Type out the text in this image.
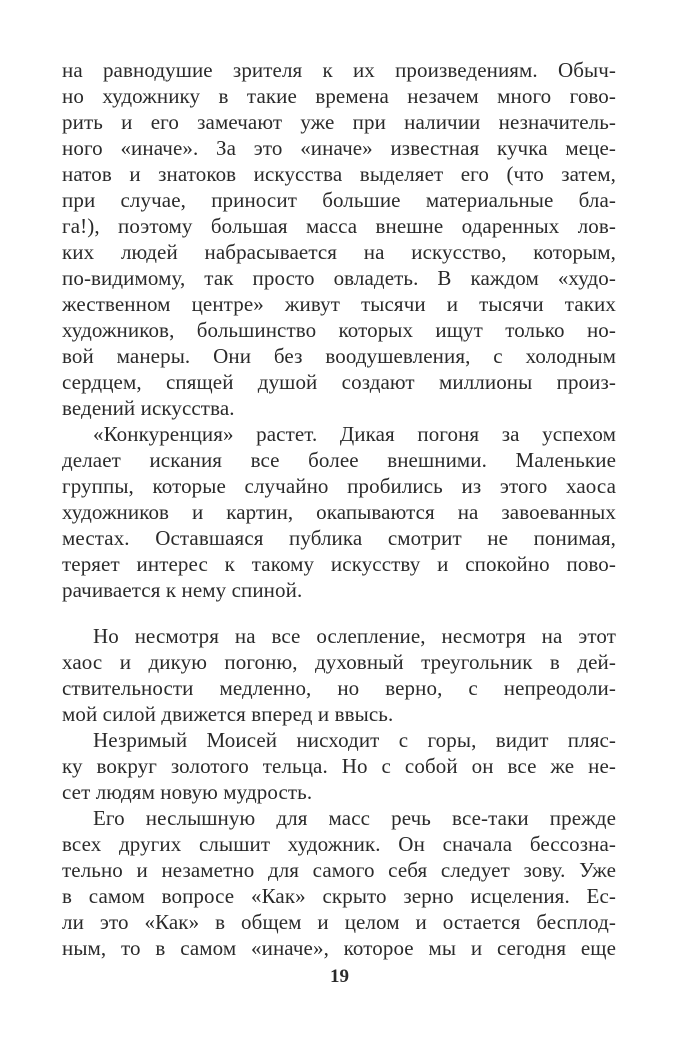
на равнодушие зрителя к их произведениям. Обыч-
но художнику в такие времена незачем много гово-
рить и его замечают уже при наличии незначитель-
ного «иначе». За это «иначе» известная кучка меце-
натов и знатоков искусства выделяет его (что затем,
при случае, приносит большие материальные бла-
га!), поэтому большая масса внешне одаренных лов-
ких людей набрасывается на искусство, которым,
по-видимому, так просто овладеть. В каждом «худо-
жественном центре» живут тысячи и тысячи таких
художников, большинство которых ищут только но-
вой манеры. Они без воодушевления, с холодным
сердцем, спящей душой создают миллионы произ-
ведений искусства.
«Конкуренция» растет. Дикая погоня за успехом
делает искания все более внешними. Маленькие
группы, которые случайно пробились из этого хаоса
художников и картин, окапываются на завоеванных
местах. Оставшаяся публика смотрит не понимая,
теряет интерес к такому искусству и спокойно пово-
рачивается к нему спиной.
Но несмотря на все ослепление, несмотря на этот
хаос и дикую погоню, духовный треугольник в дей-
ствительности медленно, но верно, с непреодоли-
мой силой движется вперед и ввысь.
Незримый Моисей нисходит с горы, видит пляс-
ку вокруг золотого тельца. Но с собой он все же не-
сет людям новую мудрость.
Его неслышную для масс речь все-таки прежде
всех других слышит художник. Он сначала бессозна-
тельно и незаметно для самого себя следует зову. Уже
в самом вопросе «Как» скрыто зерно исцеления. Ес-
ли это «Как» в общем и целом и остается бесплод-
ным, то в самом «иначе», которое мы и сегодня еще
19
